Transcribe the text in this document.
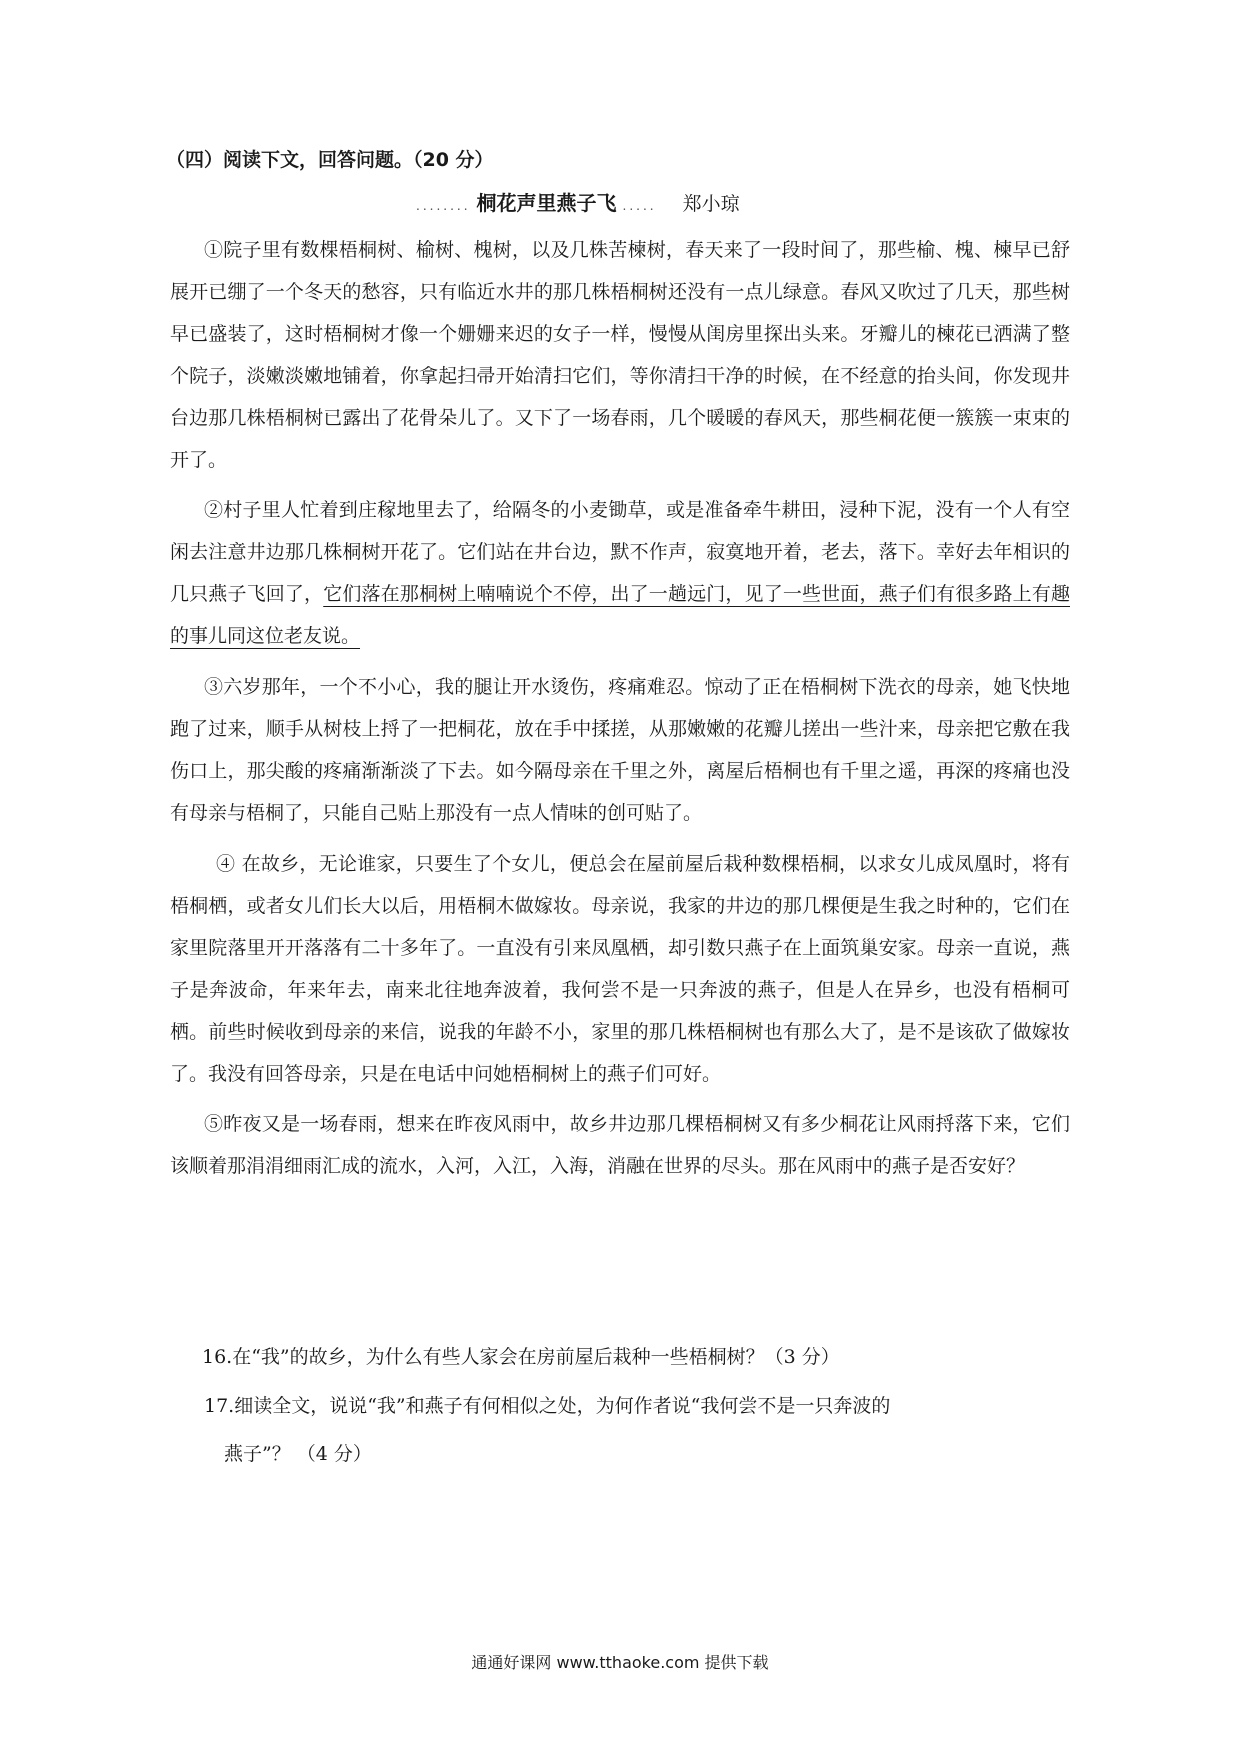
（四）阅读下文，回答问题。（20 分）
........ 桐花声里燕子飞 ..... 郑小琼

①院子里有数棵梧桐树、榆树、槐树，以及几株苦楝树，春天来了一段时间了，那些榆、槐、楝早已舒展开已绷了一个冬天的愁容，只有临近水井的那几株梧桐树还没有一点儿绿意。春风又吹过了几天，那些树早已盛装了，这时梧桐树才像一个姗姗来迟的女子一样，慢慢从闺房里探出头来。牙瓣儿的楝花已洒满了整个院子，淡嫩淡嫩地铺着，你拿起扫帚开始清扫它们，等你清扫干净的时候，在不经意的抬头间，你发现井台边那几株梧桐树已露出了花骨朵儿了。又下了一场春雨，几个暖暖的春风天，那些桐花便一簇簇一束束的开了。

②村子里人忙着到庄稼地里去了，给隔冬的小麦锄草，或是准备牵牛耕田，浸种下泥，没有一个人有空闲去注意井边那几株桐树开花了。它们站在井台边，默不作声，寂寞地开着，老去，落下。幸好去年相识的几只燕子飞回了，它们落在那桐树上喃喃说个不停，出了一趟远门，见了一些世面，燕子们有很多路上有趣的事儿同这位老友说。

③六岁那年，一个不小心，我的腿让开水烫伤，疼痛难忍。惊动了正在梧桐树下洗衣的母亲，她飞快地跑了过来，顺手从树枝上捋了一把桐花，放在手中揉搓，从那嫩嫩的花瓣儿搓出一些汁来，母亲把它敷在我伤口上，那尖酸的疼痛渐渐淡了下去。如今隔母亲在千里之外，离屋后梧桐也有千里之遥，再深的疼痛也没有母亲与梧桐了，只能自己贴上那没有一点人情味的创可贴了。

④ 在故乡，无论谁家，只要生了个女儿，便总会在屋前屋后栽种数棵梧桐，以求女儿成凤凰时，将有梧桐栖，或者女儿们长大以后，用梧桐木做嫁妆。母亲说，我家的井边的那几棵便是生我之时种的，它们在家里院落里开开落落有二十多年了。一直没有引来凤凰栖，却引数只燕子在上面筑巢安家。母亲一直说，燕子是奔波命，年来年去，南来北往地奔波着，我何尝不是一只奔波的燕子，但是人在异乡，也没有梧桐可栖。前些时候收到母亲的来信，说我的年龄不小，家里的那几株梧桐树也有那么大了，是不是该砍了做嫁妆了。我没有回答母亲，只是在电话中问她梧桐树上的燕子们可好。

⑤昨夜又是一场春雨，想来在昨夜风雨中，故乡井边那几棵梧桐树又有多少桐花让风雨捋落下来，它们该顺着那涓涓细雨汇成的流水，入河，入江，入海，消融在世界的尽头。那在风雨中的燕子是否安好？

16.在“我”的故乡，为什么有些人家会在房前屋后栽种一些梧桐树？（3 分）
17.细读全文，说说“我”和燕子有何相似之处，为何作者说“我何尝不是一只奔波的
燕子”？ （4 分）
通通好课网 www.tthaoke.com 提供下载
